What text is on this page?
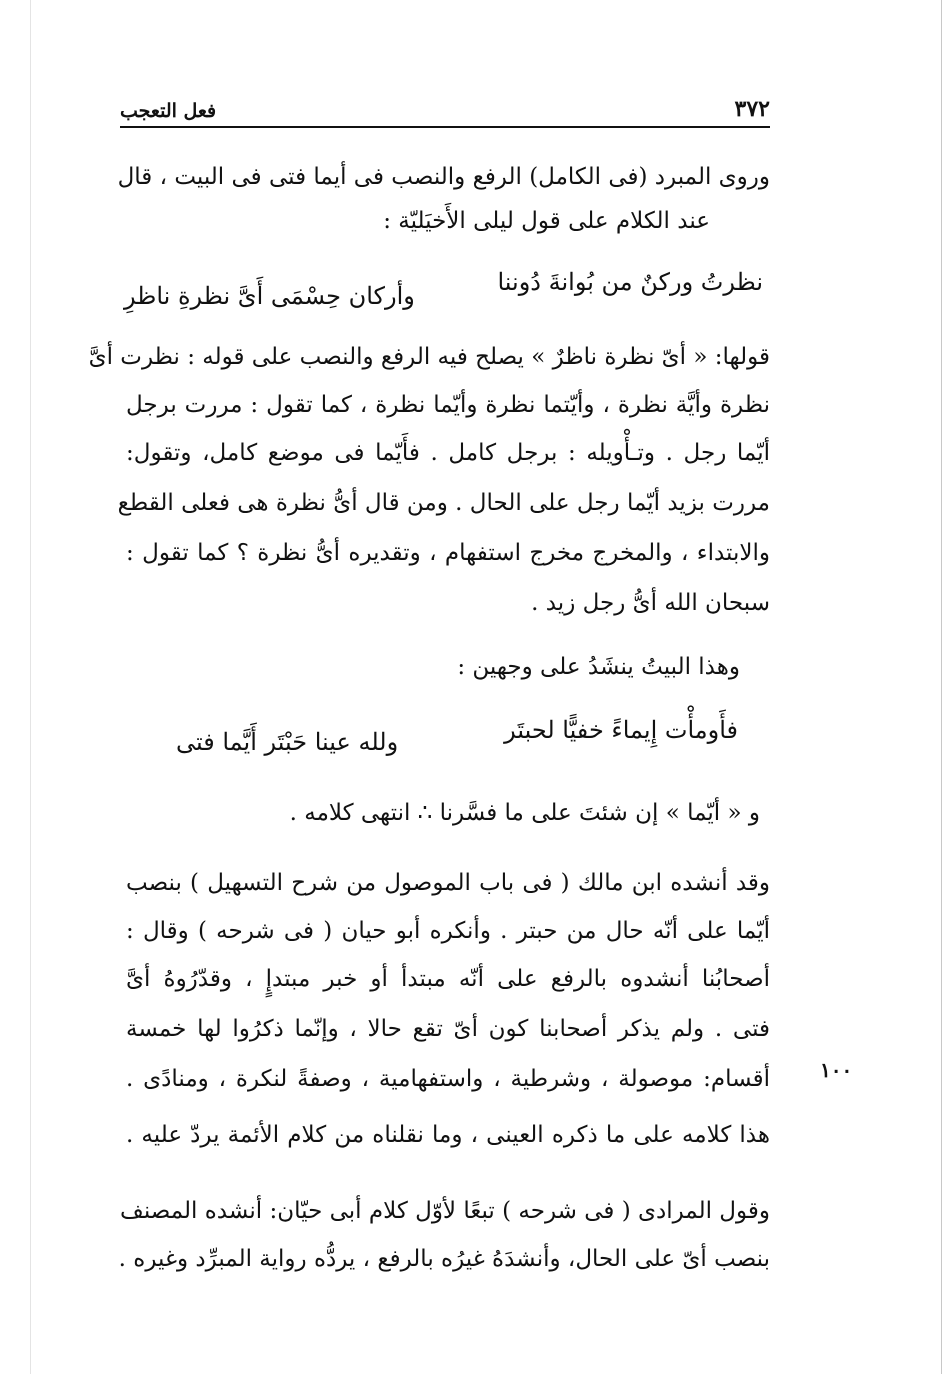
٣٧٢
فعل التعجب
وروى المبرد (فى الكامل) الرفع والنصب فى أيما فتى فى البيت ، قال
عند الكلام على قول ليلى الأَخيَليّة :
نظرتُ وركنٌ من بُوانةَ دُوننا
وأركان حِسْمَى أَىَّ نظرةِ ناظرِ
قولها: « أىّ نظرة ناظرٌ » يصلح فيه الرفع والنصب على قوله : نظرت أىَّ
نظرة وأيَّة نظرة ، وأيّتما نظرة وأيّما نظرة ، كما تقول : مررت برجل
أيّما رجل . وتـأْويله : برجل كامل . فأَيّما فى موضع كامل، وتقول:
مررت بزيد أيّما رجل على الحال . ومن قال أىُّ نظرة هى فعلى القطع
والابتداء ، والمخرج مخرج استفهام ، وتقديره أىُّ نظرة ؟ كما تقول :
سبحان الله أىُّ رجل زيد .
وهذا البيتُ ينشَدُ على وجهين :
فأَومأْت إِيماءً خفيًّا لحبتَر
ولله عينا حَبْتَر أَيَّما فتى
و « أيّما » إن شئتَ على ما فسَّرنا ∴ انتهى كلامه .
وقد أنشده ابن مالك ( فى باب الموصول من شرح التسهيل ) بنصب
أيّما على أنّه حال من حبتر . وأنكره أبو حيان ( فى شرحه ) وقال :
أصحابُنا أنشدوه بالرفع على أنّه مبتدأ أو خبر مبتدإٍ ، وقدّرُوهُ أىَّ
فتى . ولم يذكر أصحابنا كون أىّ تقع حالا ، وإنّما ذكرُوا لها خمسة
أقسام: موصولة ، وشرطية ، واستفهامية ، وصفةً لنكرة ، ومنادًى .	١٠٠
هذا كلامه على ما ذكره العينى ، وما نقلناه من كلام الأئمة يردّ عليه .
وقول المرادى ( فى شرحه ) تبعًا لأوّل كلام أبى حيّان: أنشده المصنف
بنصب أىّ على الحال، وأنشدَهُ غيرُه بالرفع ، يردُّه رواية المبرِّد وغيره .
